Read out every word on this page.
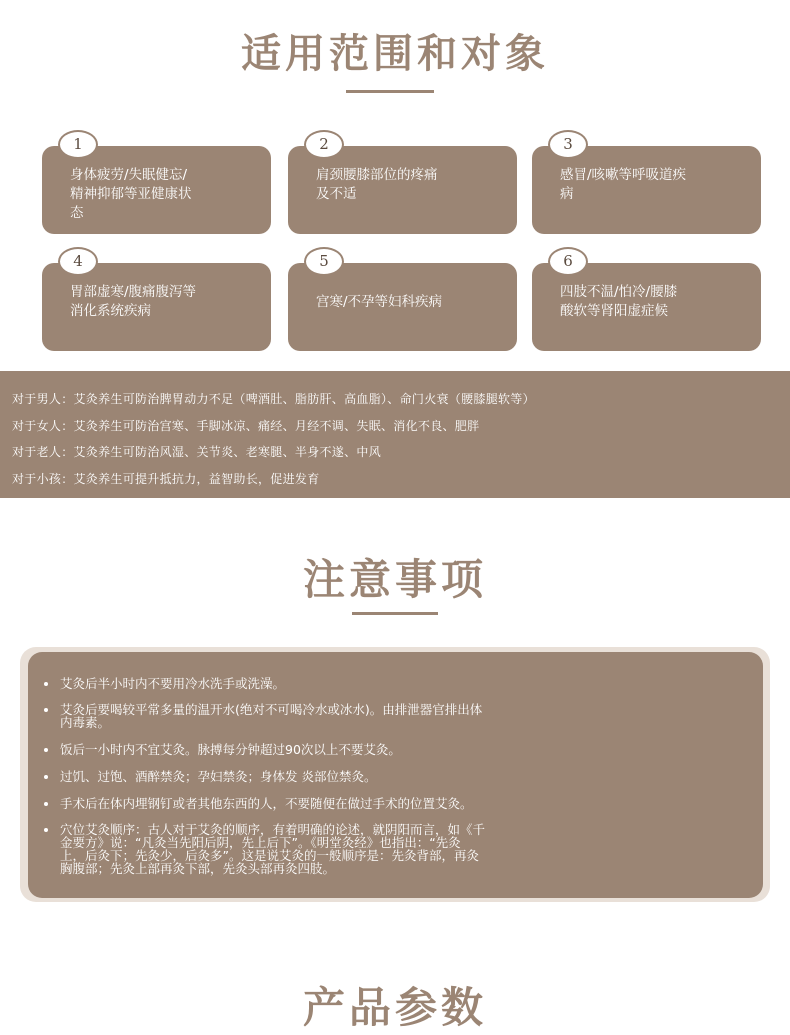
适用范围和对象
1
身体疲劳/失眠健忘/
精神抑郁等亚健康状
态
2
肩颈腰膝部位的疼痛
及不适
3
感冒/咳嗽等呼吸道疾
病
4
胃部虚寒/腹痛腹泻等
消化系统疾病
5
宫寒/不孕等妇科疾病
6
四肢不温/怕冷/腰膝
酸软等肾阳虚症候
对于男人：艾灸养生可防治脾胃动力不足（啤酒肚、脂肪肝、高血脂）、命门火衰（腰膝腿软等）
对于女人：艾灸养生可防治宫寒、手脚冰凉、痛经、月经不调、失眠、消化不良、肥胖
对于老人：艾灸养生可防治风湿、关节炎、老寒腿、半身不遂、中风
对于小孩：艾灸养生可提升抵抗力，益智助长，促进发育
注意事项
艾灸后半小时内不要用冷水洗手或洗澡。
艾灸后要喝较平常多量的温开水(绝对不可喝冷水或冰水)。由排泄器官排出体
内毒素。
饭后一小时内不宜艾灸。脉搏每分钟超过90次以上不要艾灸。
过饥、过饱、酒醉禁灸；孕妇禁灸；身体发 炎部位禁灸。
手术后在体内埋钢钉或者其他东西的人，不要随便在做过手术的位置艾灸。
穴位艾灸顺序：古人对于艾灸的顺序，有着明确的论述，就阴阳而言，如《千
金要方》说：“凡灸当先阳后阴，先上后下”。《明堂灸经》也指出：“先灸
上，后灸下；先灸少，后灸多”。这是说艾灸的一般顺序是：先灸背部，再灸
胸腹部；先灸上部再灸下部，先灸头部再灸四肢。
产品参数
